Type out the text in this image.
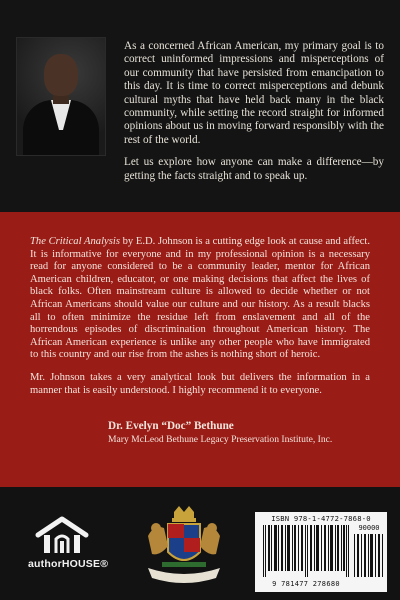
As a concerned African American, my primary goal is to correct uninformed impressions and misperceptions of our community that have persisted from emancipation to this day. It is time to correct misperceptions and debunk cultural myths that have held back many in the black community, while setting the record straight for informed opinions about us in moving forward responsibly with the rest of the world.

Let us explore how anyone can make a difference—by getting the facts straight and to speak up.

The Critical Analysis by E.D. Johnson is a cutting edge look at cause and affect. It is informative for everyone and in my professional opinion is a necessary read for anyone considered to be a community leader, mentor for African American children, educator, or one making decisions that affect the lives of black folks. Often mainstream culture is allowed to decide whether or not African Americans should value our culture and our history. As a result blacks all to often minimize the residue left from enslavement and all of the horrendous episodes of discrimination throughout American history. The African American experience is unlike any other people who have immigrated to this country and our rise from the ashes is nothing short of heroic.

Mr. Johnson takes a very analytical look but delivers the information in a manner that is easily understood. I highly recommend it to everyone.

Dr. Evelyn “Doc” Bethune
Mary McLeod Bethune Legacy Preservation Institute, Inc.
authorHOUSE®
ISBN 978-1-4772-7868-0
90000
9 781477 278680
